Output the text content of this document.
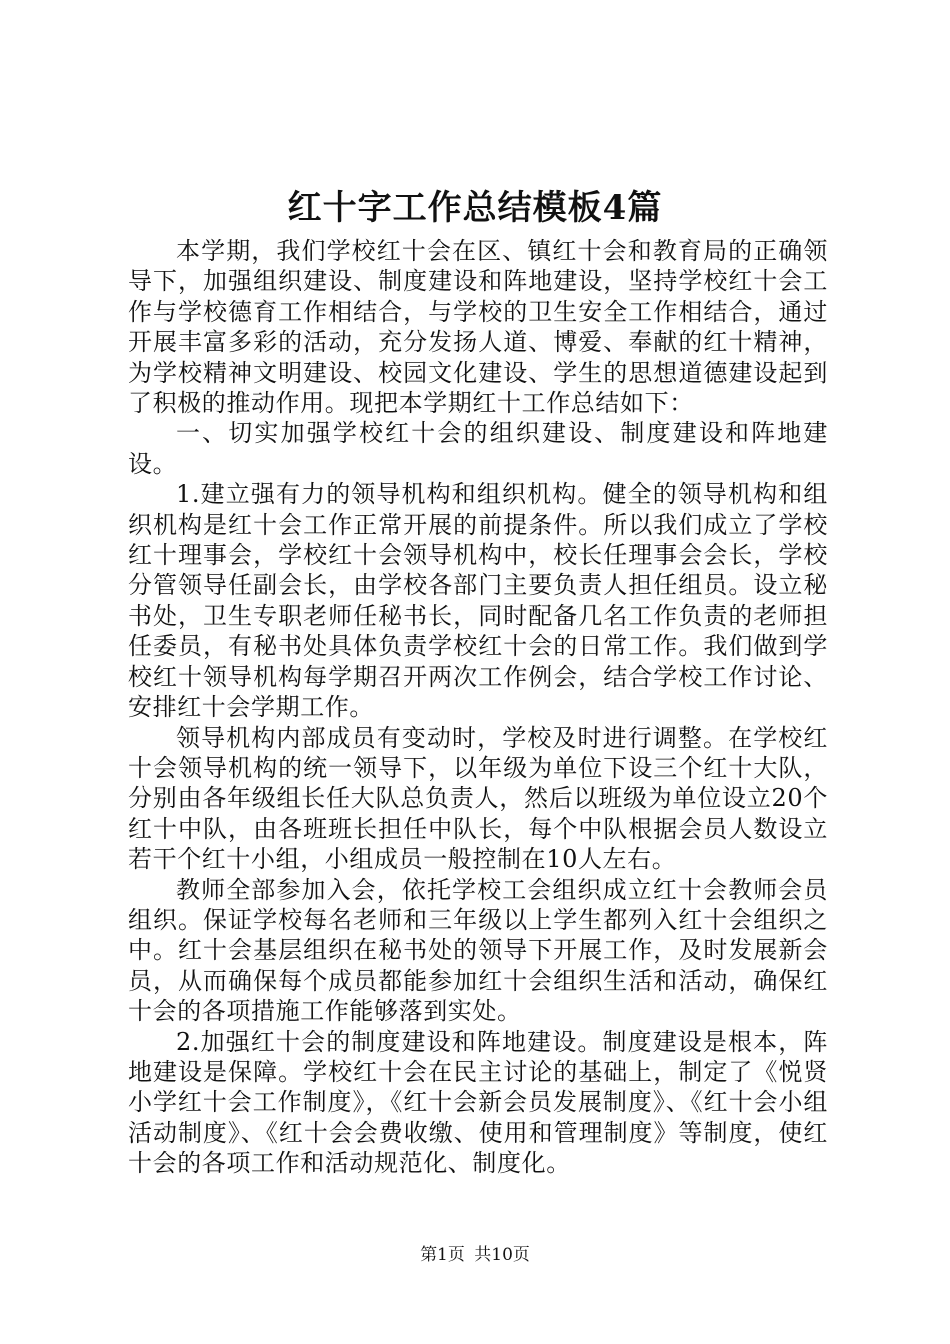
红十字工作总结模板4篇

本学期，我们学校红十会在区、镇红十会和教育局的正确领导下，加强组织建设、制度建设和阵地建设，坚持学校红十会工作与学校德育工作相结合，与学校的卫生安全工作相结合，通过开展丰富多彩的活动，充分发扬人道、博爱、奉献的红十精神，为学校精神文明建设、校园文化建设、学生的思想道德建设起到了积极的推动作用。现把本学期红十工作总结如下：

一、切实加强学校红十会的组织建设、制度建设和阵地建设。

1.建立强有力的领导机构和组织机构。健全的领导机构和组织机构是红十会工作正常开展的前提条件。所以我们成立了学校红十理事会，学校红十会领导机构中，校长任理事会会长，学校分管领导任副会长，由学校各部门主要负责人担任组员。设立秘书处，卫生专职老师任秘书长，同时配备几名工作负责的老师担任委员，有秘书处具体负责学校红十会的日常工作。我们做到学校红十领导机构每学期召开两次工作例会，结合学校工作讨论、安排红十会学期工作。

领导机构内部成员有变动时，学校及时进行调整。在学校红十会领导机构的统一领导下，以年级为单位下设三个红十大队，分别由各年级组长任大队总负责人，然后以班级为单位设立20个红十中队，由各班班长担任中队长，每个中队根据会员人数设立若干个红十小组，小组成员一般控制在10人左右。

教师全部参加入会，依托学校工会组织成立红十会教师会员组织。保证学校每名老师和三年级以上学生都列入红十会组织之中。红十会基层组织在秘书处的领导下开展工作，及时发展新会员，从而确保每个成员都能参加红十会组织生活和活动，确保红十会的各项措施工作能够落到实处。

2.加强红十会的制度建设和阵地建设。制度建设是根本，阵地建设是保障。学校红十会在民主讨论的基础上，制定了《悦贤小学红十会工作制度》，《红十会新会员发展制度》、《红十会小组活动制度》、《红十会会费收缴、使用和管理制度》等制度，使红十会的各项工作和活动规范化、制度化。

第1页 共10页
